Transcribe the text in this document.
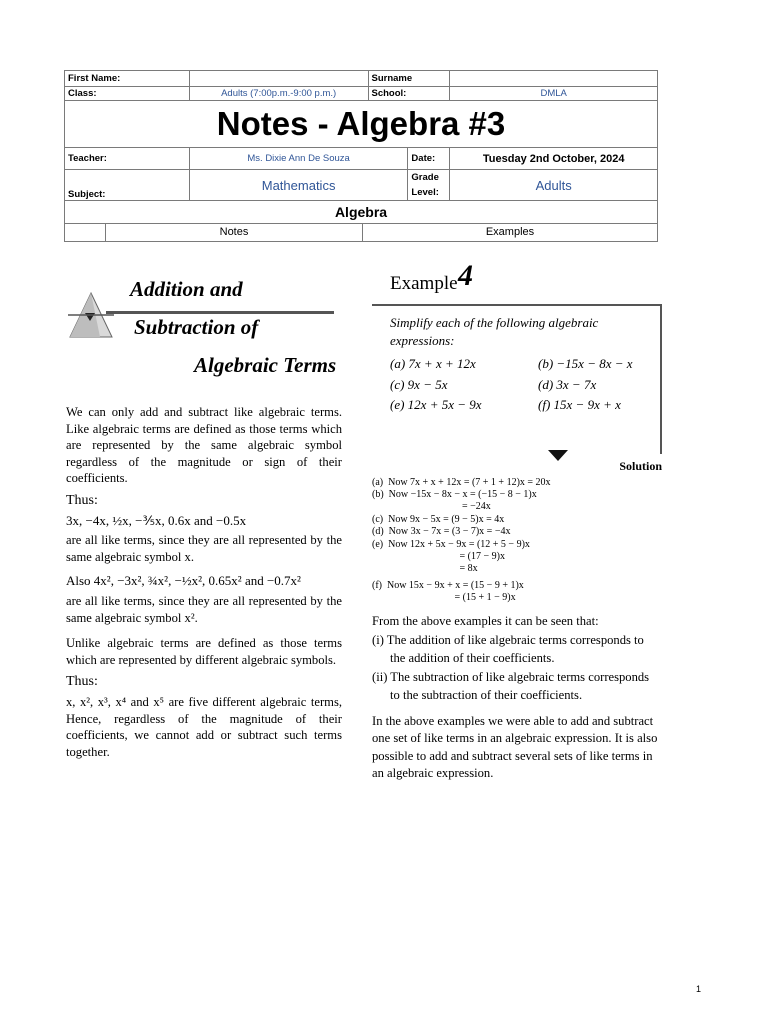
First Name:		Surname		
Class:	Adults (7:00p.m.-9:00 p.m.)	School:		DMLA
Notes - Algebra #3				
Teacher:	Ms. Dixie Ann De Souza		Date:	Tuesday 2nd October, 2024
Subject:	Mathematics		Grade Level:	Adults
Algebra				

Notes Examples				
Addition and
Subtraction of
Algebraic Terms

We can only add and subtract like algebraic terms. Like algebraic terms are defined as those terms which are represented by the same algebraic symbol regardless of the magnitude or sign of their coefficients.

Thus:

3x, −4x, ½x, −⅗x, 0.6x and −0.5x

are all like terms, since they are all represented by the same algebraic symbol x.

Also 4x², −3x², ¾x², −½x², 0.65x² and −0.7x²

are all like terms, since they are all represented by the same algebraic symbol x².

Unlike algebraic terms are defined as those terms which are represented by different algebraic symbols.

Thus:

x, x², x³, x⁴ and x⁵ are five different algebraic terms, Hence, regardless of the magnitude of their coefficients, we cannot add or subtract such terms together.

Example 4
Simplify each of the following algebraic expressions:
(a) 7x + x + 12x	(b) −15x − 8x − x
(c) 9x − 5x	(d) 3x − 7x
(e) 12x + 5x − 9x	(f) 15x − 9x + x
Solution
(a)  Now 7x + x + 12x = (7 + 1 + 12)x = 20x
(b)  Now −15x − 8x − x = (−15 − 8 − 1)x
= −24x
(c)  Now 9x − 5x = (9 − 5)x = 4x
(d)  Now 3x − 7x = (3 − 7)x = −4x
(e)  Now 12x + 5x − 9x = (12 + 5 − 9)x
= (17 − 9)x
= 8x
(f)  Now 15x − 9x + x = (15 − 9 + 1)x
= (15 + 1 − 9)x
From the above examples it can be seen that:
(i) The addition of like algebraic terms corresponds to the addition of their coefficients.
(ii) The subtraction of like algebraic terms corresponds to the subtraction of their coefficients.
In the above examples we were able to add and subtract one set of like terms in an algebraic expression. It is also possible to add and subtract several sets of like terms in an algebraic expression.
1
